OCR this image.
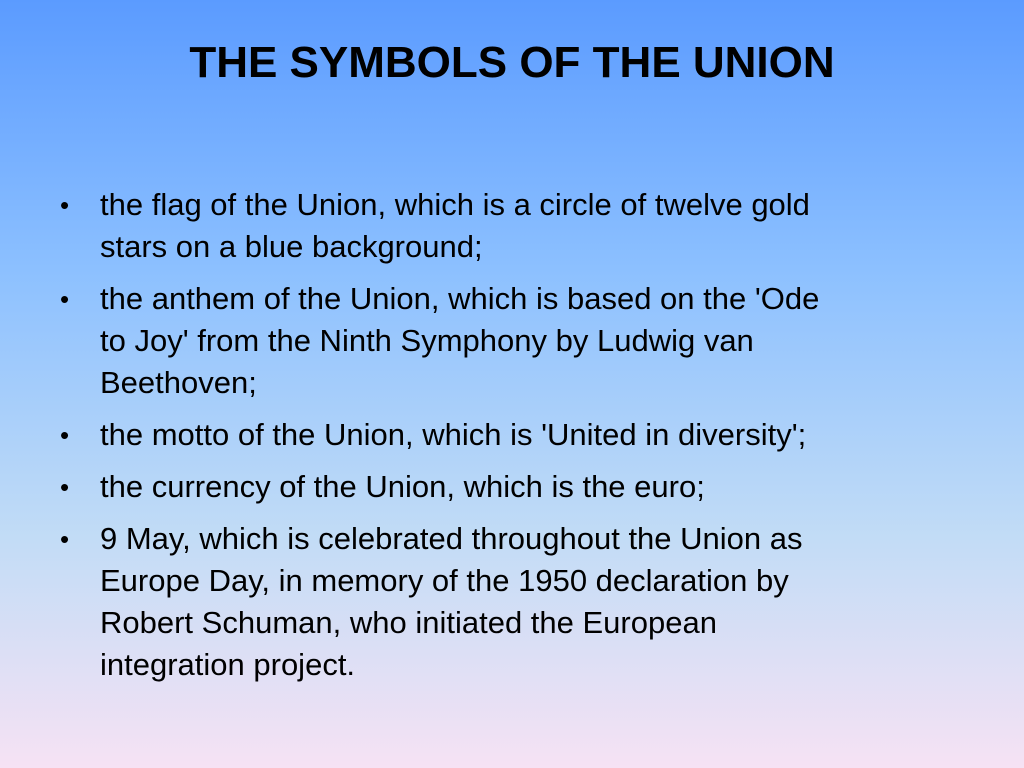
THE SYMBOLS OF THE UNION
• the flag of the Union, which is a circle of twelve gold
stars on a blue background;
• the anthem of the Union, which is based on the 'Ode
to Joy' from the Ninth Symphony by Ludwig van
Beethoven;
• the motto of the Union, which is 'United in diversity';
• the currency of the Union, which is the euro;
• 9 May, which is celebrated throughout the Union as
Europe Day, in memory of the 1950 declaration by
Robert Schuman, who initiated the European
integration project.
